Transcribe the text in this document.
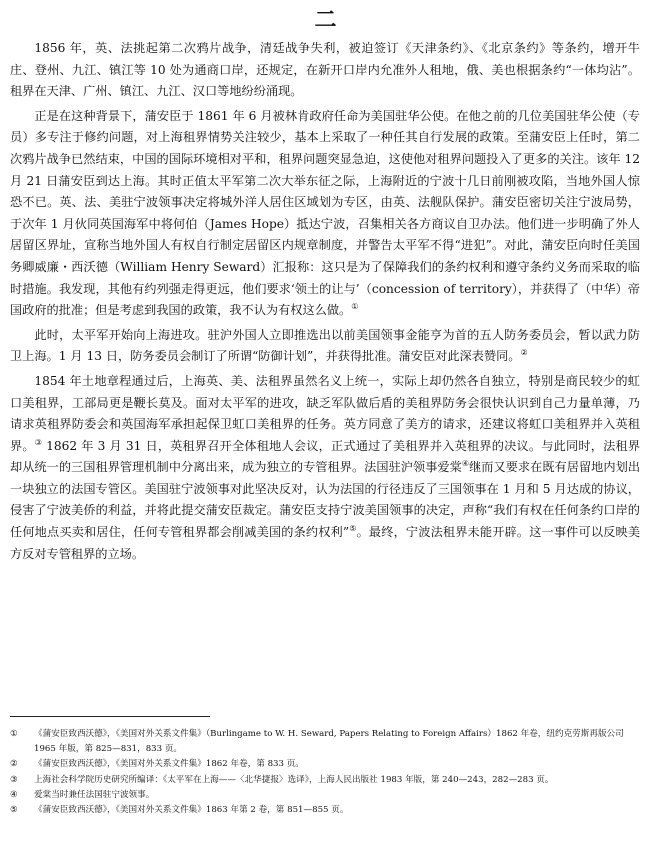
二

1856 年，英、法挑起第二次鸦片战争，清廷战争失利，被迫签订《天津条约》、《北京条约》等条约，增开牛庄、登州、九江、镇江等 10 处为通商口岸，还规定，在新开口岸内允准外人租地，俄、美也根据条约“一体均沾”。租界在天津、广州、镇江、九江、汉口等地纷纷涌现。

正是在这种背景下，蒲安臣于 1861 年 6 月被林肯政府任命为美国驻华公使。在他之前的几位美国驻华公使（专员）多专注于修约问题，对上海租界情势关注较少，基本上采取了一种任其自行发展的政策。至蒲安臣上任时，第二次鸦片战争已然结束，中国的国际环境相对平和，租界问题突显急迫，这使他对租界问题投入了更多的关注。该年 12 月 21 日蒲安臣到达上海。其时正值太平军第二次大举东征之际，上海附近的宁波十几日前刚被攻陷，当地外国人惊恐不已。英、法、美驻宁波领事决定将城外洋人居住区域划为专区，由英、法舰队保护。蒲安臣密切关注宁波局势，于次年 1 月伙同英国海军中将何伯（James Hope）抵达宁波，召集相关各方商议自卫办法。他们进一步明确了外人居留区界址，宣称当地外国人有权自行制定居留区内规章制度，并警告太平军不得“进犯”。对此，蒲安臣向时任美国务卿威廉・西沃德（William Henry Seward）汇报称：这只是为了保障我们的条约权利和遵守条约义务而采取的临时措施。我发现，其他有约列强走得更远，他们要求‘领土的让与’（concession of territory），并获得了（中华）帝国政府的批准；但是考虑到我国的政策，我不认为有权这么做。①

此时，太平军开始向上海进攻。驻沪外国人立即推选出以前美国领事金能亨为首的五人防务委员会，暂以武力防卫上海。1 月 13 日，防务委员会制订了所谓“防御计划”，并获得批准。蒲安臣对此深表赞同。②

1854 年土地章程通过后，上海英、美、法租界虽然名义上统一，实际上却仍然各自独立，特别是商民较少的虹口美租界，工部局更是鞭长莫及。面对太平军的进攻，缺乏军队做后盾的美租界防务会很快认识到自己力量单薄，乃请求英租界防委会和英国海军承担起保卫虹口美租界的任务。英方同意了美方的请求，还建议将虹口美租界并入英租界。③ 1862 年 3 月 31 日，英租界召开全体租地人会议，正式通过了美租界并入英租界的决议。与此同时，法租界却从统一的三国租界管理机制中分离出来，成为独立的专管租界。法国驻沪领事爱棠④继而又要求在既有居留地内划出一块独立的法国专管区。美国驻宁波领事对此坚决反对，认为法国的行径违反了三国领事在 1 月和 5 月达成的协议，侵害了宁波美侨的利益，并将此提交蒲安臣裁定。蒲安臣支持宁波美国领事的决定，声称“我们有权在任何条约口岸的任何地点买卖和居住，任何专管租界都会削减美国的条约权利”⑤。最终，宁波法租界未能开辟。这一事件可以反映美方反对专管租界的立场。

①	《蒲安臣致西沃德》，《美国对外关系文件集》（Burlingame to W. H. Seward, Papers Relating to Foreign Affairs）1862 年卷，纽约克劳斯再版公司 1965 年版，第 825—831，833 页。
②	《蒲安臣致西沃德》，《美国对外关系文件集》1862 年卷，第 833 页。
③	上海社会科学院历史研究所编译：《太平军在上海——〈北华捷报〉选译》，上海人民出版社 1983 年版，第 240—243，282—283 页。
④	爱棠当时兼任法国驻宁波领事。
⑤	《蒲安臣致西沃德》，《美国对外关系文件集》1863 年第 2 卷，第 851—855 页。
